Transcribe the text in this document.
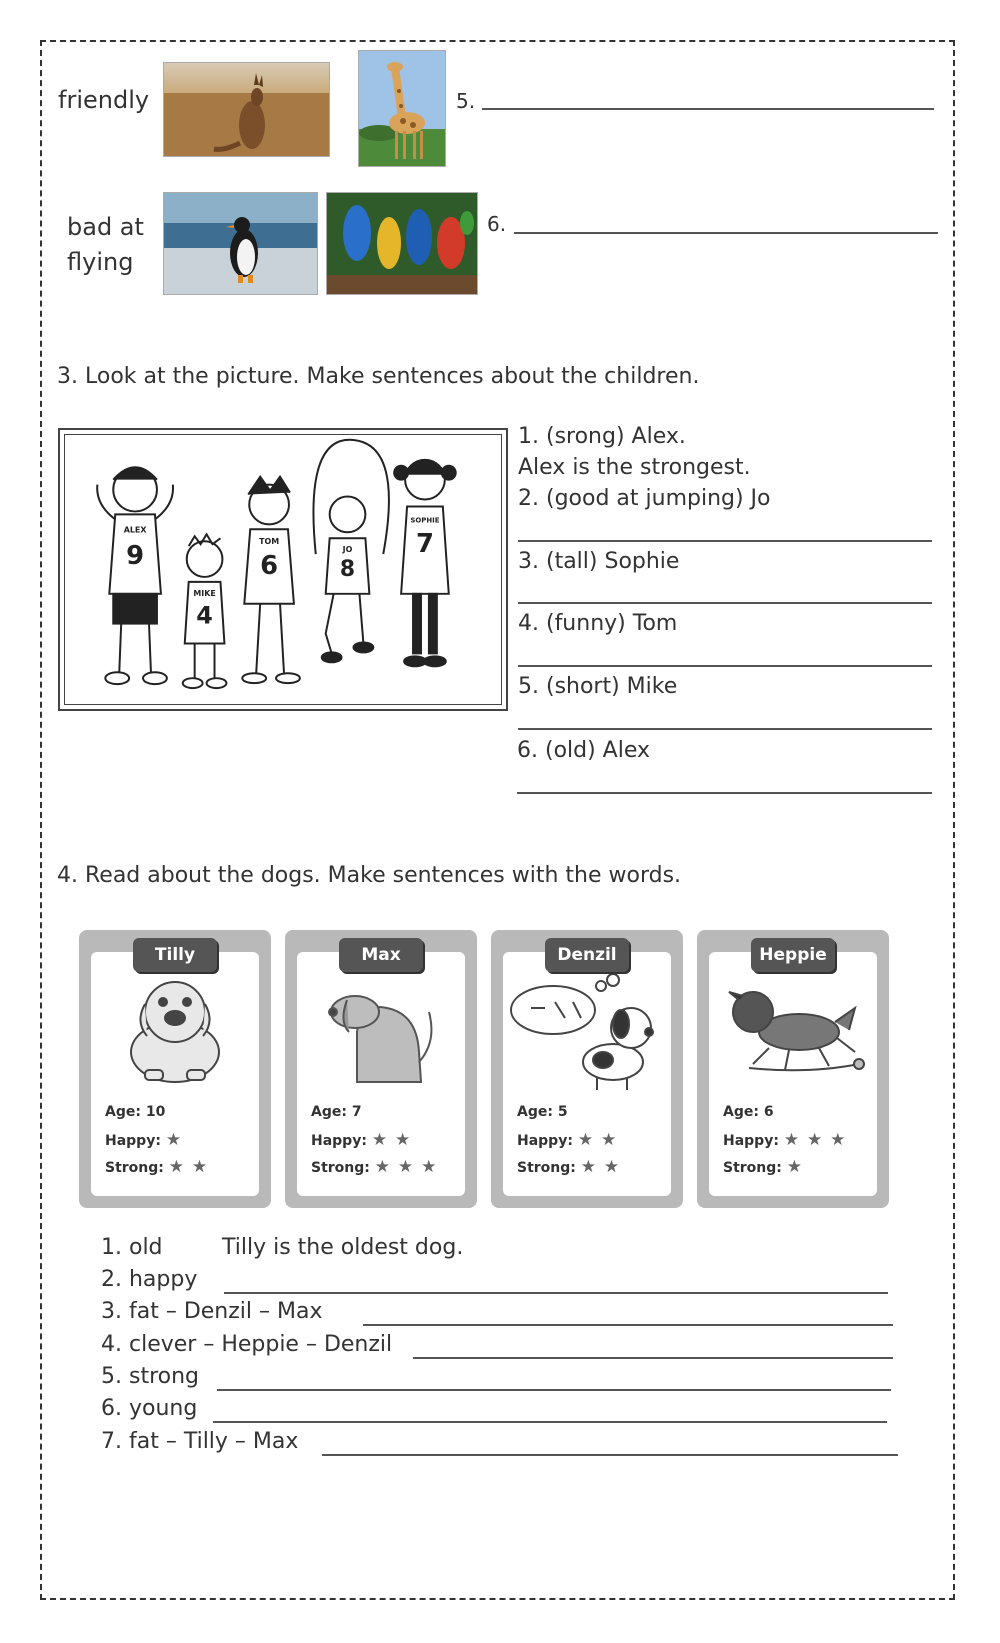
friendly	5.
bad at
flying
6.
3. Look at the picture. Make sentences about the children.
ALEX
9
MIKE
4
TOM
6
JO
8
SOPHIE
7
1. (srong) Alex.
Alex is the strongest.
2. (good at jumping) Jo
3. (tall) Sophie
4. (funny) Tom
5. (short) Mike
6. (old) Alex
4. Read about the dogs. Make sentences with the words.
Tilly
Age: 10
Happy: ★
Strong: ★ ★
Max
Age: 7
Happy: ★ ★
Strong: ★ ★ ★
Denzil
Age: 5
Happy: ★ ★
Strong: ★ ★
Heppie
Age: 6
Happy: ★ ★ ★
Strong: ★
1. old	Tilly is the oldest dog.
2. happy
3. fat – Denzil – Max
4. clever – Heppie – Denzil
5. strong
6. young
7. fat – Tilly – Max
